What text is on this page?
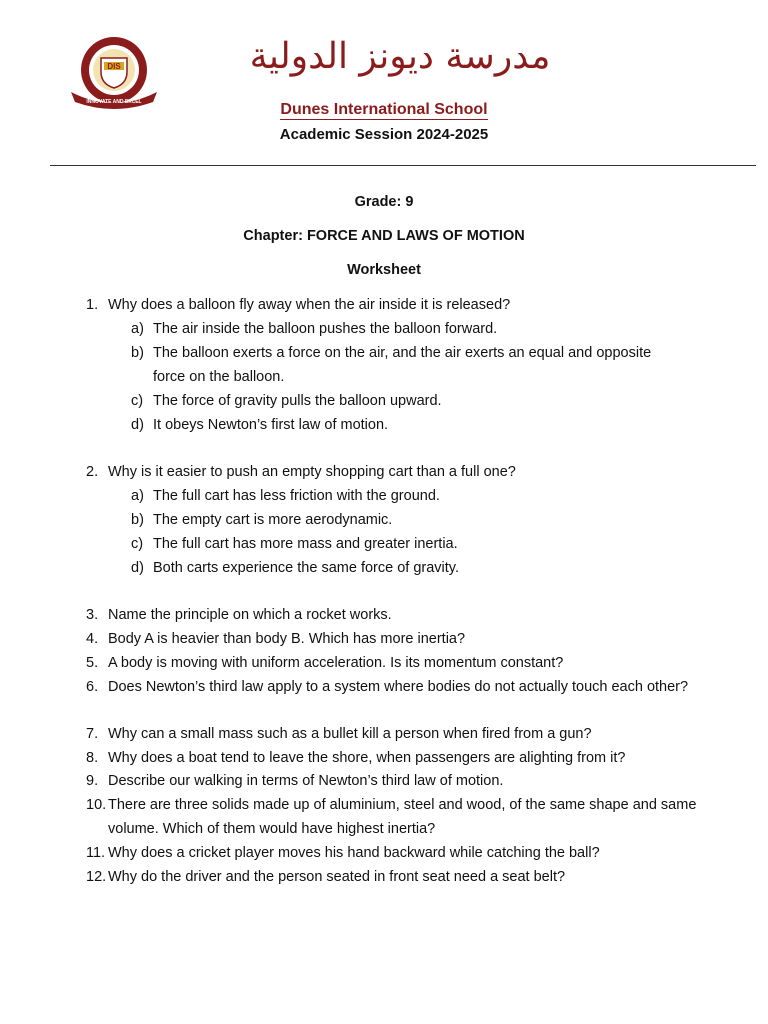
DIS
INNOVATE AND EXCEL
مدرسة ديونز الدولية
Dunes International School
Academic Session 2024-2025
Grade: 9
Chapter: FORCE AND LAWS OF MOTION
Worksheet
1. Why does a balloon fly away when the air inside it is released?
a) The air inside the balloon pushes the balloon forward.
b) The balloon exerts a force on the air, and the air exerts an equal and opposite force on the balloon.
c) The force of gravity pulls the balloon upward.
d) It obeys Newton’s first law of motion.
2. Why is it easier to push an empty shopping cart than a full one?
a) The full cart has less friction with the ground.
b) The empty cart is more aerodynamic.
c) The full cart has more mass and greater inertia.
d) Both carts experience the same force of gravity.
3. Name the principle on which a rocket works.
4. Body A is heavier than body B. Which has more inertia?
5. A body is moving with uniform acceleration. Is its momentum constant?
6. Does Newton’s third law apply to a system where bodies do not actually touch each other?
7. Why can a small mass such as a bullet kill a person when fired from a gun?
8. Why does a boat tend to leave the shore, when passengers are alighting from it?
9. Describe our walking in terms of Newton’s third law of motion.
10. There are three solids made up of aluminium, steel and wood, of the same shape and same volume. Which of them would have highest inertia?
11. Why does a cricket player moves his hand backward while catching the ball?
12. Why do the driver and the person seated in front seat need a seat belt?
